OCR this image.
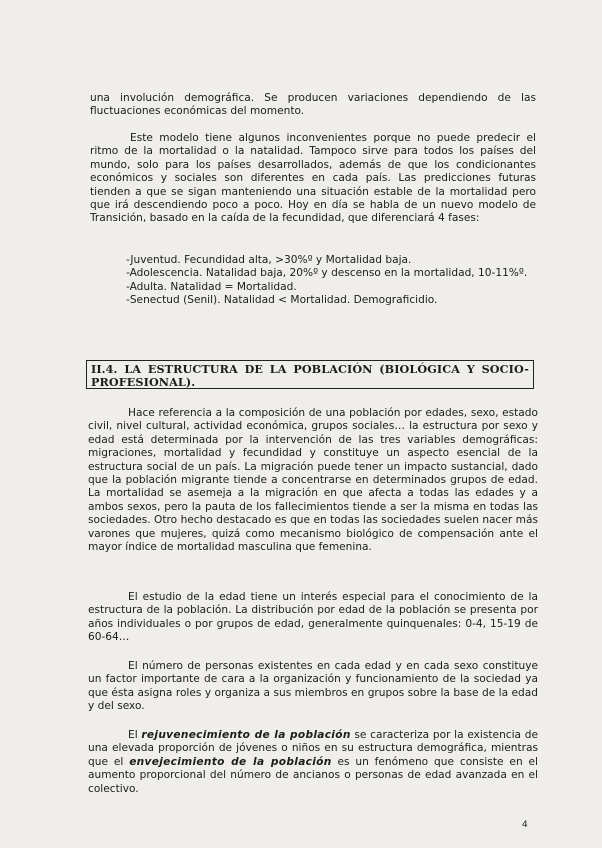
una involución demográfica. Se producen variaciones dependiendo de las fluctuaciones económicas del momento.

Este modelo tiene algunos inconvenientes porque no puede predecir el ritmo de la mortalidad o la natalidad. Tampoco sirve para todos los países del mundo, solo para los países desarrollados, además de que los condicionantes económicos y sociales son diferentes en cada país. Las predicciones futuras tienden a que se sigan manteniendo una situación estable de la mortalidad pero que irá descendiendo poco a poco. Hoy en día se habla de un nuevo modelo de Transición, basado en la caída de la fecundidad, que diferenciará 4 fases:

-Juventud. Fecundidad alta, >30%º y Mortalidad baja.
-Adolescencia. Natalidad baja, 20%º y descenso en la mortalidad, 10-11%º.
-Adulta. Natalidad = Mortalidad.
-Senectud (Senil). Natalidad < Mortalidad. Demograficidio.
II.4. LA ESTRUCTURA DE LA POBLACIÓN (BIOLÓGICA Y SOCIO-PROFESIONAL).

Hace referencia a la composición de una población por edades, sexo, estado civil, nivel cultural, actividad económica, grupos sociales… la estructura por sexo y edad está determinada por la intervención de las tres variables demográficas: migraciones, mortalidad y fecundidad y constituye un aspecto esencial de la estructura social de un país. La migración puede tener un impacto sustancial, dado que la población migrante tiende a concentrarse en determinados grupos de edad. La mortalidad se asemeja a la migración en que afecta a todas las edades y a ambos sexos, pero la pauta de los fallecimientos tiende a ser la misma en todas las sociedades. Otro hecho destacado es que en todas las sociedades suelen nacer más varones que mujeres, quizá como mecanismo biológico de compensación ante el mayor índice de mortalidad masculina que femenina.

El estudio de la edad tiene un interés especial para el conocimiento de la estructura de la población. La distribución por edad de la población se presenta por años individuales o por grupos de edad, generalmente quinquenales: 0-4, 15-19 de 60-64…

El número de personas existentes en cada edad y en cada sexo constituye un factor importante de cara a la organización y funcionamiento de la sociedad ya que ésta asigna roles y organiza a sus miembros en grupos sobre la base de la edad y del sexo.

El rejuvenecimiento de la población se caracteriza por la existencia de una elevada proporción de jóvenes o niños en su estructura demográfica, mientras que el envejecimiento de la población es un fenómeno que consiste en el aumento proporcional del número de ancianos o personas de edad avanzada en el colectivo.

4
